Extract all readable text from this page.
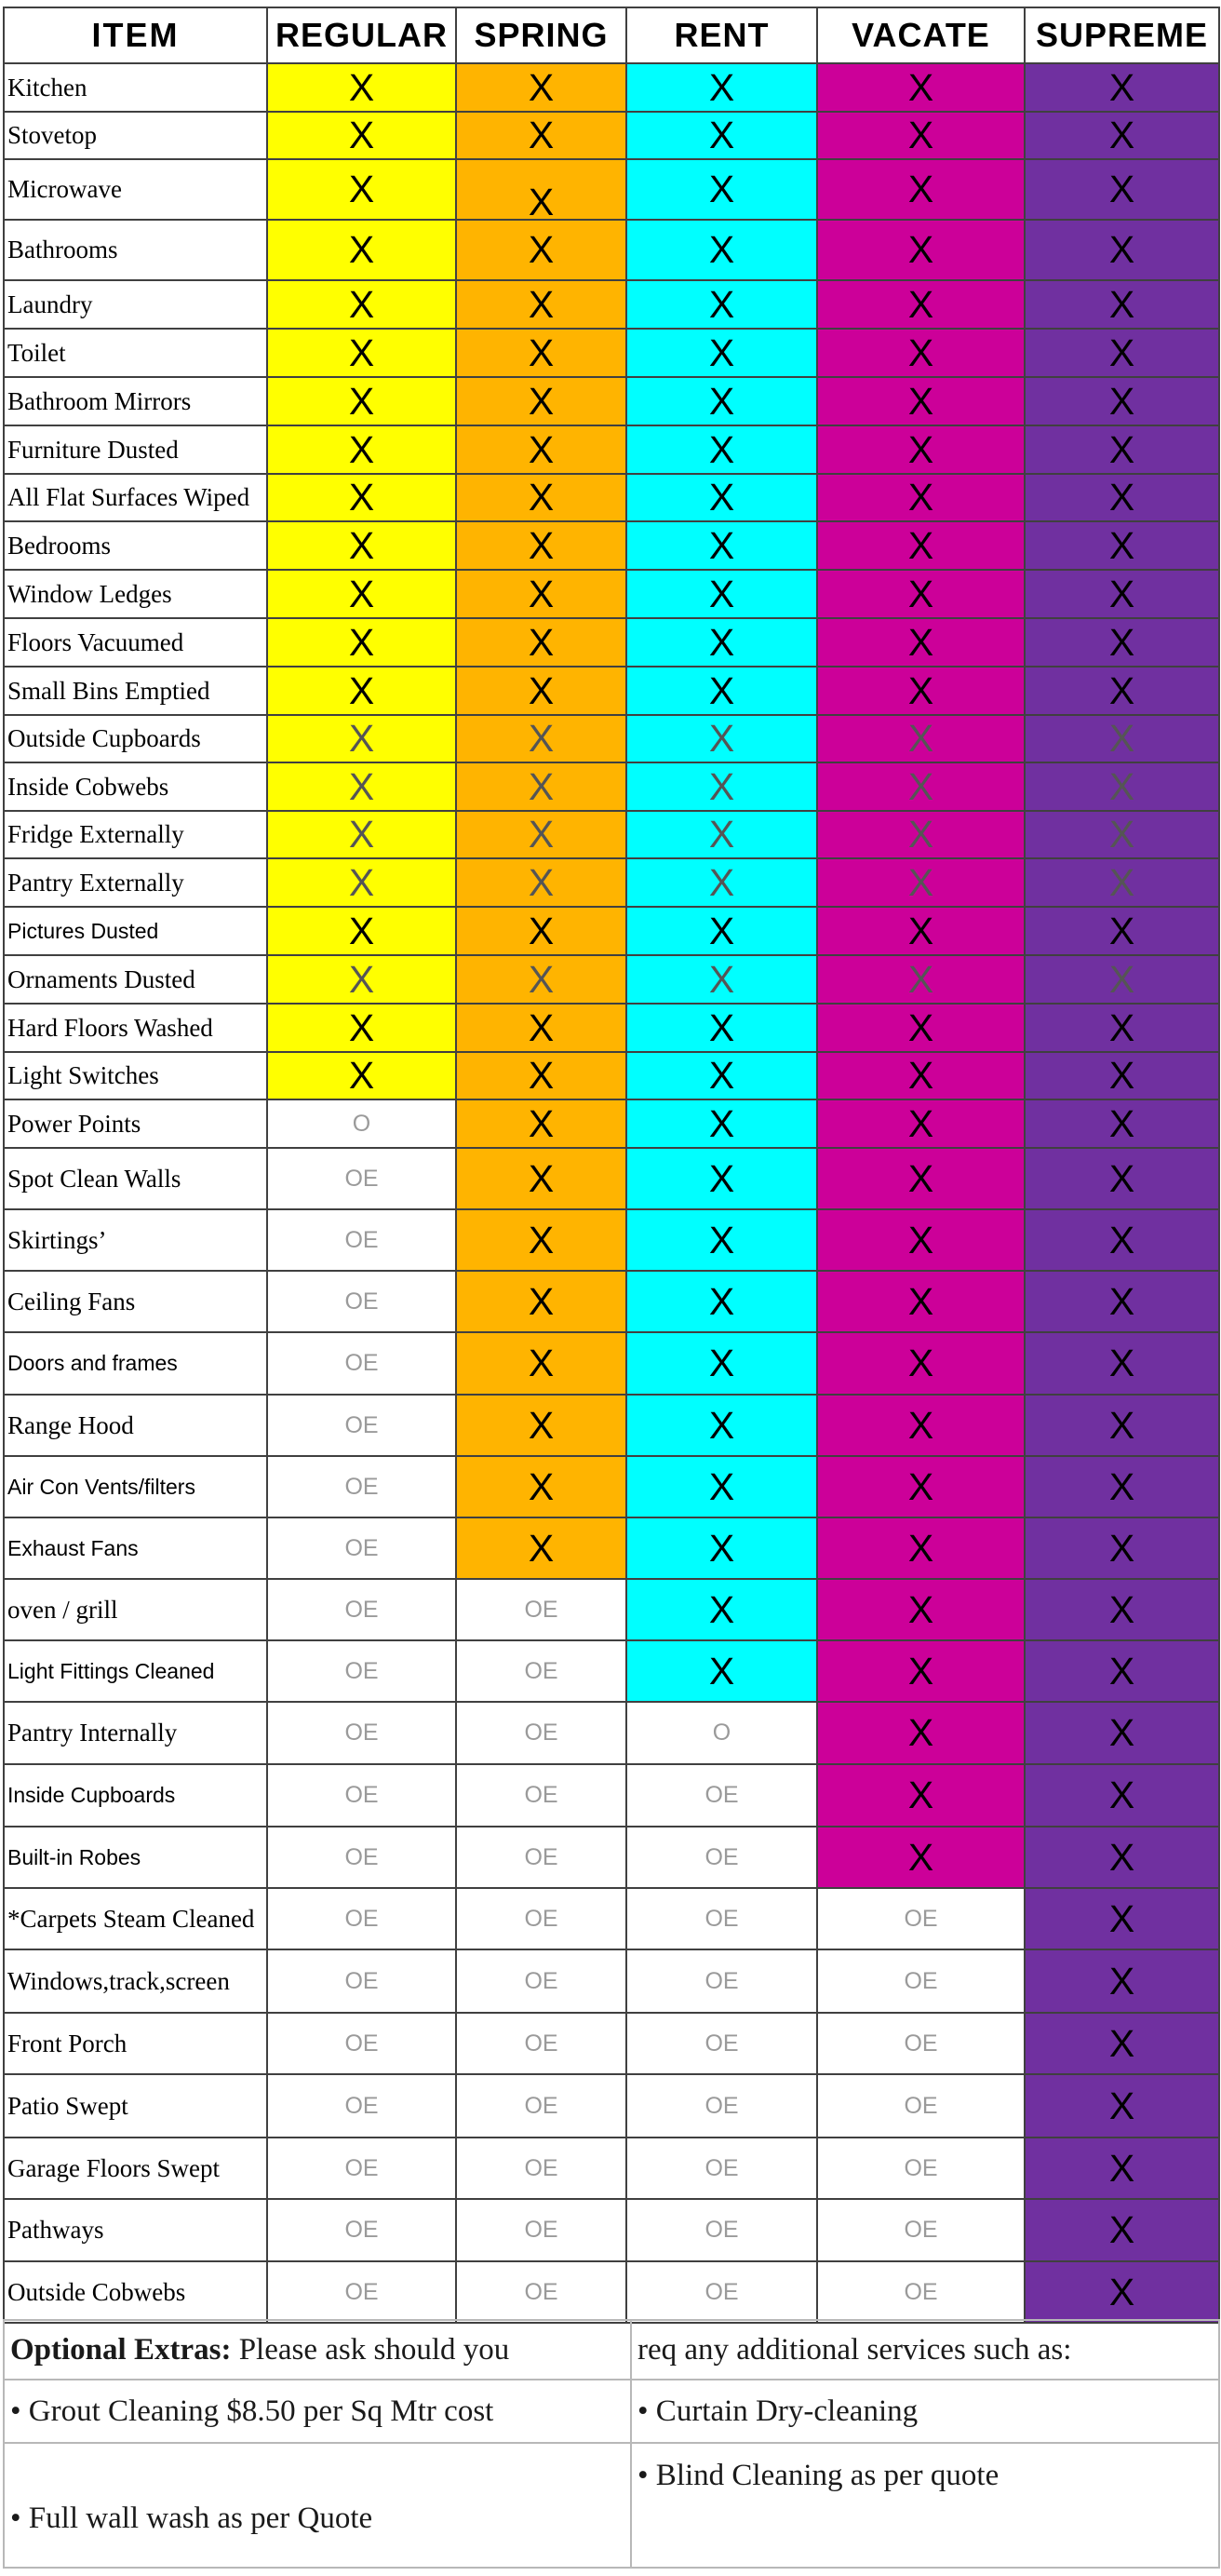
ITEM	REGULAR	SPRING	RENT	VACATE	SUPREME
Kitchen	X	X	X	X	X
Stovetop	X	X	X	X	X
Microwave	X	X	X	X	X
Bathrooms	X	X	X	X	X
Laundry	X	X	X	X	X
Toilet	X	X	X	X	X
Bathroom Mirrors	X	X	X	X	X
Furniture Dusted	X	X	X	X	X
All Flat Surfaces Wiped	X	X	X	X	X
Bedrooms	X	X	X	X	X
Window Ledges	X	X	X	X	X
Floors Vacuumed	X	X	X	X	X
Small Bins Emptied	X	X	X	X	X
Outside Cupboards	X	X	X	X	X
Inside Cobwebs	X	X	X	X	X
Fridge Externally	X	X	X	X	X
Pantry Externally	X	X	X	X	X
Pictures Dusted	X	X	X	X	X
Ornaments Dusted	X	X	X	X	X
Hard Floors Washed	X	X	X	X	X
Light Switches	X	X	X	X	X
Power Points	O	X	X	X	X
Spot Clean Walls	OE	X	X	X	X
Skirtings’	OE	X	X	X	X
Ceiling Fans	OE	X	X	X	X
Doors and frames	OE	X	X	X	X
Range Hood	OE	X	X	X	X
Air Con Vents/filters	OE	X	X	X	X
Exhaust Fans	OE	X	X	X	X
oven / grill	OE	OE	X	X	X
Light Fittings Cleaned	OE	OE	X	X	X
Pantry Internally	OE	OE	O	X	X
Inside Cupboards	OE	OE	OE	X	X
Built-in Robes	OE	OE	OE	X	X
*Carpets Steam Cleaned	OE	OE	OE	OE	X
Windows,track,screen	OE	OE	OE	OE	X
Front Porch	OE	OE	OE	OE	X
Patio Swept	OE	OE	OE	OE	X
Garage Floors Swept	OE	OE	OE	OE	X
Pathways	OE	OE	OE	OE	X
Outside Cobwebs	OE	OE	OE	OE	X
Optional Extras: Please ask should you	req any additional services such as:
• Grout Cleaning $8.50 per Sq Mtr cost	• Curtain Dry-cleaning
• Full wall wash as per Quote	• Blind Cleaning as per quote
